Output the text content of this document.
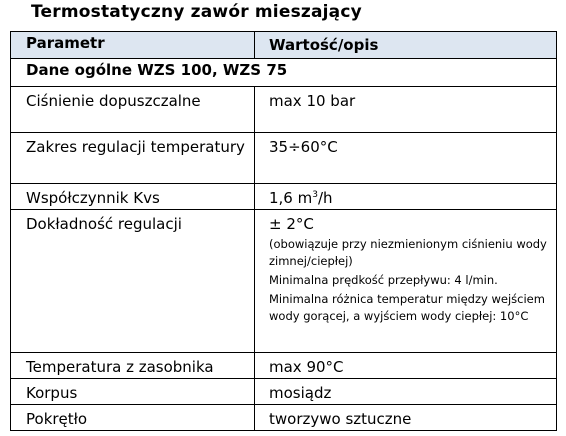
Termostatyczny zawór mieszający
Parametr	Wartość/opis
Dane ogólne WZS 100, WZS 75	
Ciśnienie dopuszczalne	max 10 bar
Zakres regulacji temperatury	35÷60°C
Współczynnik Kvs	1,6 $m^3/h$
Dokładność regulacji	± 2°C
(obowiązuje przy niezmienionym ciśnieniu wody zimnej/ciepłej)
Minimalna prędkość przepływu: 4 l/min.
Minimalna różnica temperatur między wejściem wody gorącej, a wyjściem wody ciepłej: 10°C

Temperatura z zasobnika	max 90°C
Korpus	mosiądz
Pokrętło	tworzywo sztuczne
